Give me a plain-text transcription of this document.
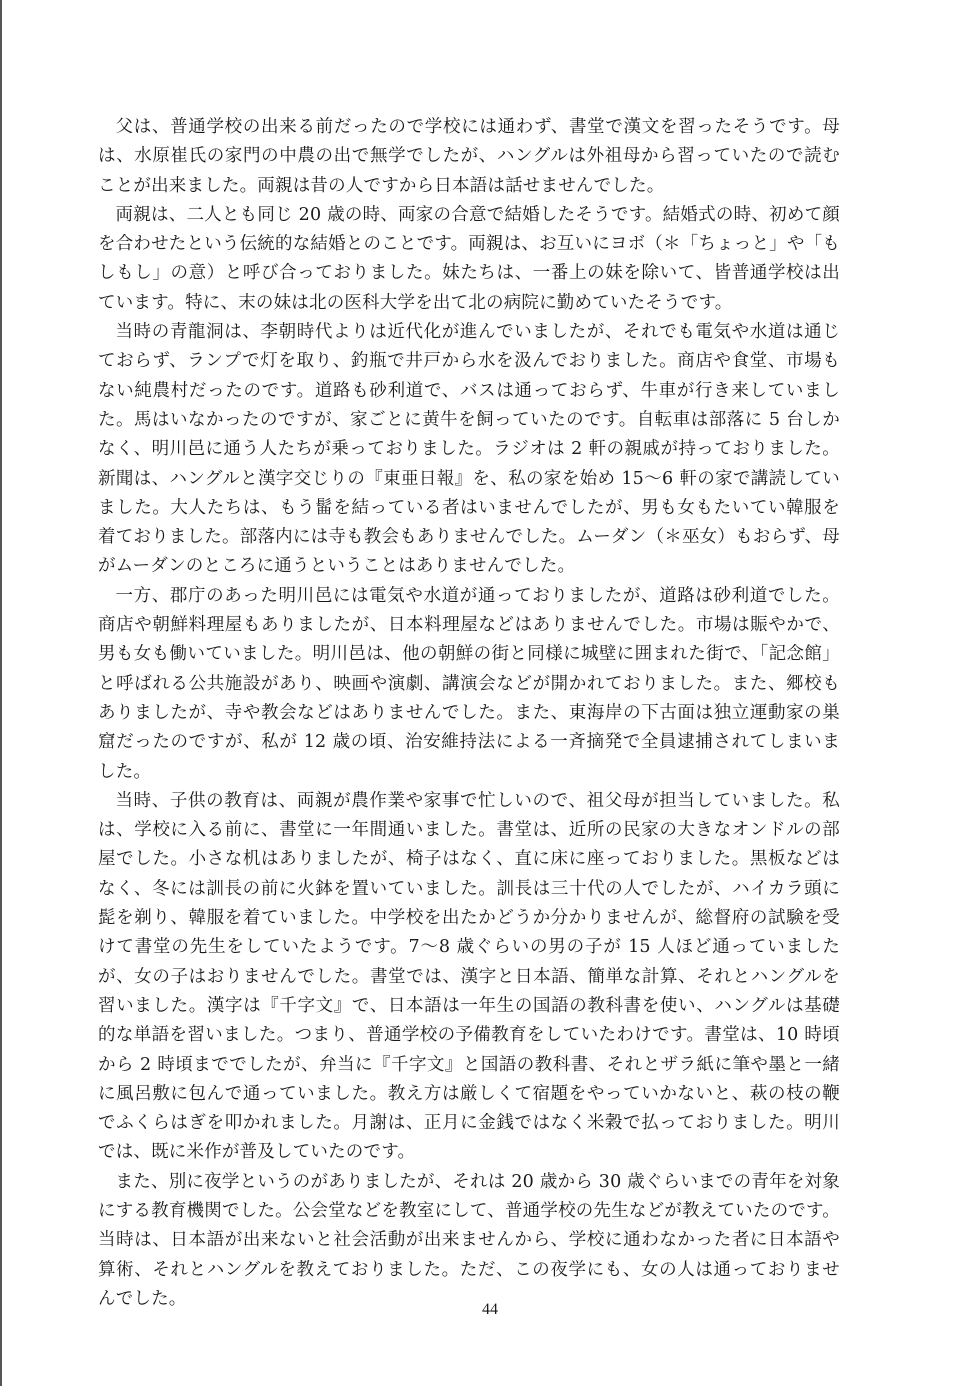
父は、普通学校の出来る前だったので学校には通わず、書堂で漢文を習ったそうです。母は、水原崔氏の家門の中農の出で無学でしたが、ハングルは外祖母から習っていたので読むことが出来ました。両親は昔の人ですから日本語は話せませんでした。

両親は、二人とも同じ 20 歳の時、両家の合意で結婚したそうです。結婚式の時、初めて顔を合わせたという伝統的な結婚とのことです。両親は、お互いにヨボ（＊「ちょっと」や「もしもし」の意）と呼び合っておりました。妹たちは、一番上の妹を除いて、皆普通学校は出ています。特に、末の妹は北の医科大学を出て北の病院に勤めていたそうです。

当時の青龍洞は、李朝時代よりは近代化が進んでいましたが、それでも電気や水道は通じておらず、ランプで灯を取り、釣瓶で井戸から水を汲んでおりました。商店や食堂、市場もない純農村だったのです。道路も砂利道で、バスは通っておらず、牛車が行き来していました。馬はいなかったのですが、家ごとに黄牛を飼っていたのです。自転車は部落に 5 台しかなく、明川邑に通う人たちが乗っておりました。ラジオは 2 軒の親戚が持っておりました。新聞は、ハングルと漢字交じりの『東亜日報』を、私の家を始め 15〜6 軒の家で講読していました。大人たちは、もう髷を結っている者はいませんでしたが、男も女もたいてい韓服を着ておりました。部落内には寺も教会もありませんでした。ムーダン（＊巫女）もおらず、母がムーダンのところに通うということはありませんでした。

一方、郡庁のあった明川邑には電気や水道が通っておりましたが、道路は砂利道でした。商店や朝鮮料理屋もありましたが、日本料理屋などはありませんでした。市場は賑やかで、男も女も働いていました。明川邑は、他の朝鮮の街と同様に城壁に囲まれた街で、「記念館」と呼ばれる公共施設があり、映画や演劇、講演会などが開かれておりました。また、郷校もありましたが、寺や教会などはありませんでした。また、東海岸の下古面は独立運動家の巣窟だったのですが、私が 12 歳の頃、治安維持法による一斉摘発で全員逮捕されてしまいました。

当時、子供の教育は、両親が農作業や家事で忙しいので、祖父母が担当していました。私は、学校に入る前に、書堂に一年間通いました。書堂は、近所の民家の大きなオンドルの部屋でした。小さな机はありましたが、椅子はなく、直に床に座っておりました。黒板などはなく、冬には訓長の前に火鉢を置いていました。訓長は三十代の人でしたが、ハイカラ頭に髭を剃り、韓服を着ていました。中学校を出たかどうか分かりませんが、総督府の試験を受けて書堂の先生をしていたようです。7〜8 歳ぐらいの男の子が 15 人ほど通っていましたが、女の子はおりませんでした。書堂では、漢字と日本語、簡単な計算、それとハングルを習いました。漢字は『千字文』で、日本語は一年生の国語の教科書を使い、ハングルは基礎的な単語を習いました。つまり、普通学校の予備教育をしていたわけです。書堂は、10 時頃から 2 時頃まででしたが、弁当に『千字文』と国語の教科書、それとザラ紙に筆や墨と一緒に風呂敷に包んで通っていました。教え方は厳しくて宿題をやっていかないと、萩の枝の鞭でふくらはぎを叩かれました。月謝は、正月に金銭ではなく米穀で払っておりました。明川では、既に米作が普及していたのです。

また、別に夜学というのがありましたが、それは 20 歳から 30 歳ぐらいまでの青年を対象にする教育機関でした。公会堂などを教室にして、普通学校の先生などが教えていたのです。当時は、日本語が出来ないと社会活動が出来ませんから、学校に通わなかった者に日本語や算術、それとハングルを教えておりました。ただ、この夜学にも、女の人は通っておりませんでした。

44
